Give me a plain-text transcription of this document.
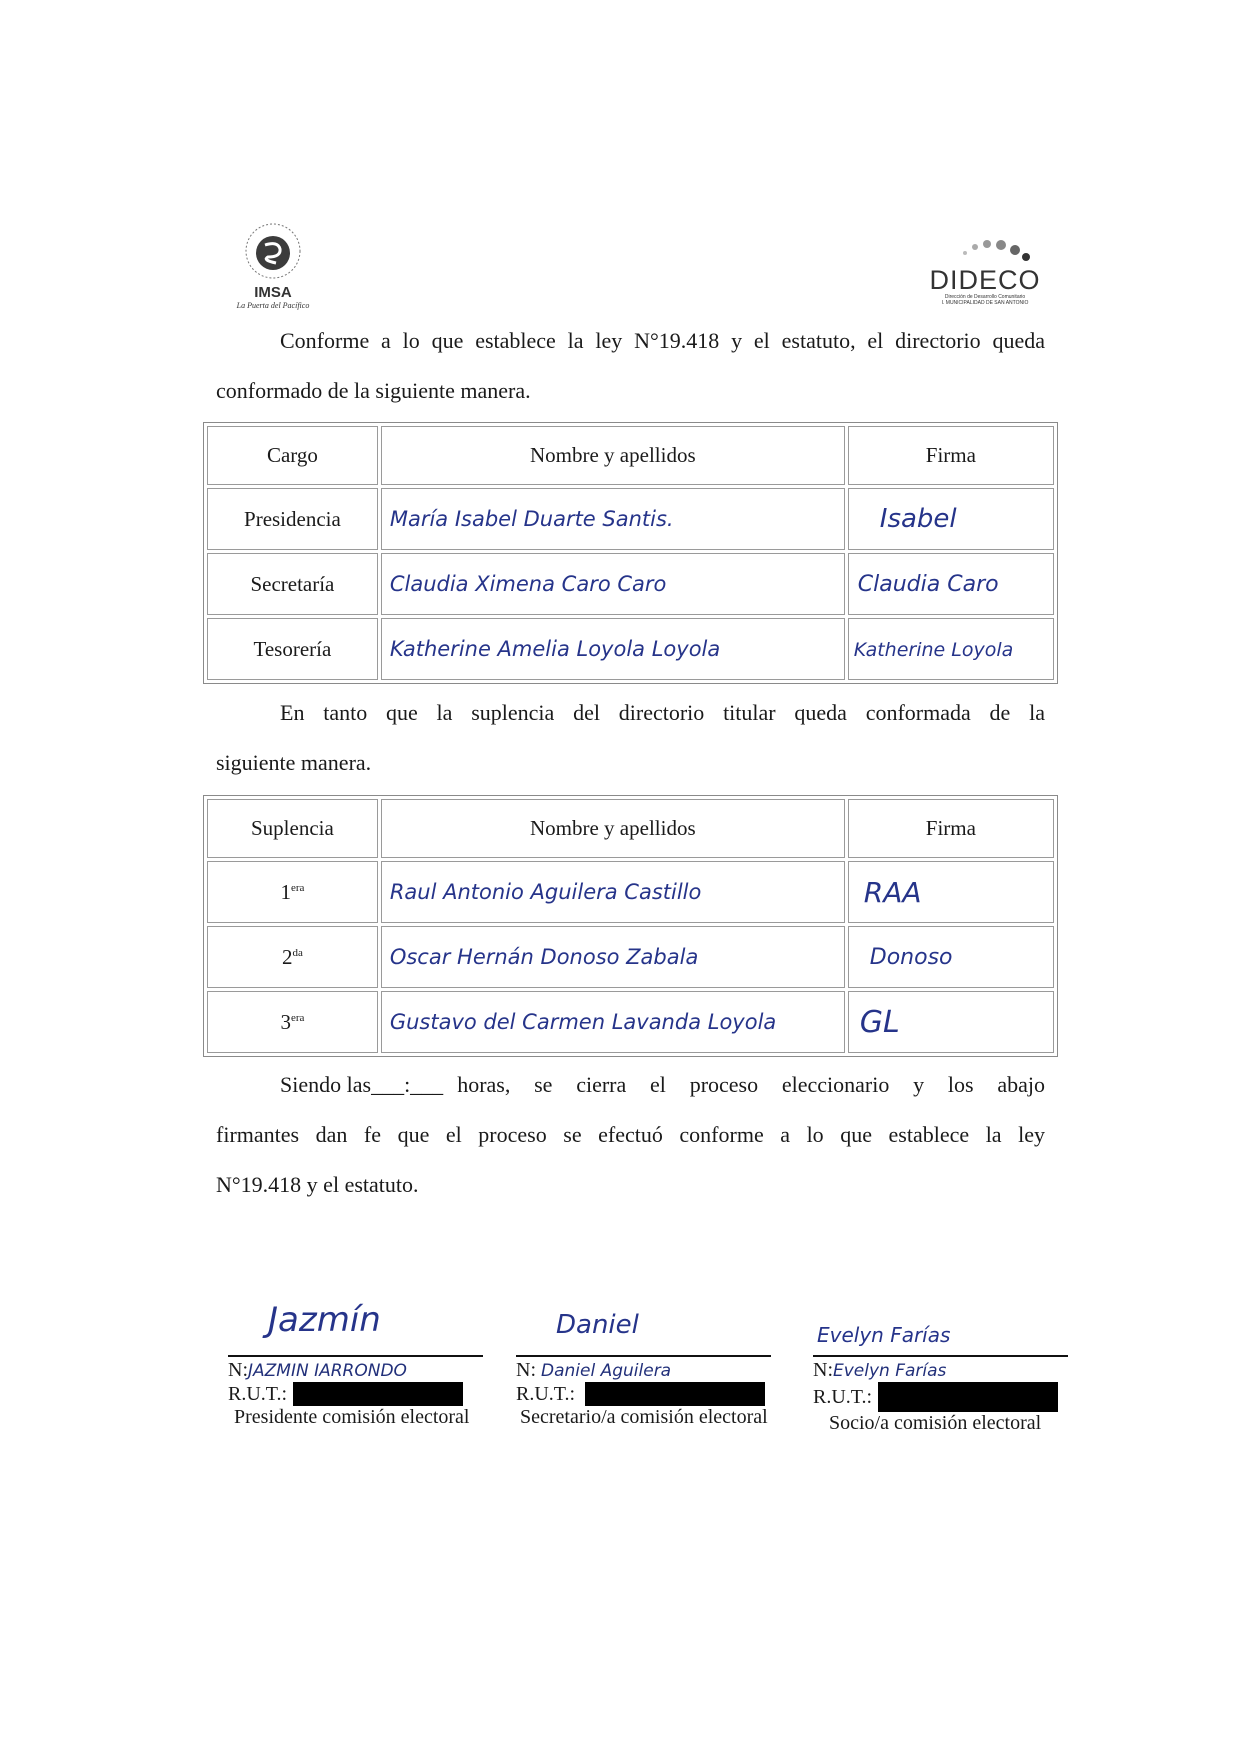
IMSA
La Puerta del Pacífico
DIDECO
Dirección de Desarrollo Comunitario
I. MUNICIPALIDAD DE SAN ANTONIO
Conforme a lo que establece la ley N°19.418 y el estatuto, el directorio queda
conformado de la siguiente manera.
Cargo	Nombre y apellidos	Firma
Presidencia	María Isabel Duarte Santis.	Isabel
Secretaría	Claudia Ximena Caro Caro	Claudia Caro
Tesorería	Katherine Amelia Loyola Loyola	Katherine Loyola
En tanto que la suplencia del directorio titular queda conformada de la
siguiente manera.
Suplencia	Nombre y apellidos	Firma
$1^{era}$	Raul Antonio Aguilera Castillo	RAA
$2^{da}$	Oscar Hernán Donoso Zabala	Donoso
$3^{era}$	Gustavo del Carmen Lavanda Loyola	GL
Siendo las ___:___ horas, se cierra el proceso eleccionario y los abajo
firmantes dan fe que el proceso se efectuó conforme a lo que establece la ley
N°19.418 y el estatuto.
Jazmín
N:JAZMIN IARRONDO
R.U.T.:
Presidente comisión electoral
Daniel
N: Daniel Aguilera
R.U.T.:
Secretario/a comisión electoral
Evelyn Farías
N:Evelyn Farías
R.U.T.:
Socio/a comisión electoral
